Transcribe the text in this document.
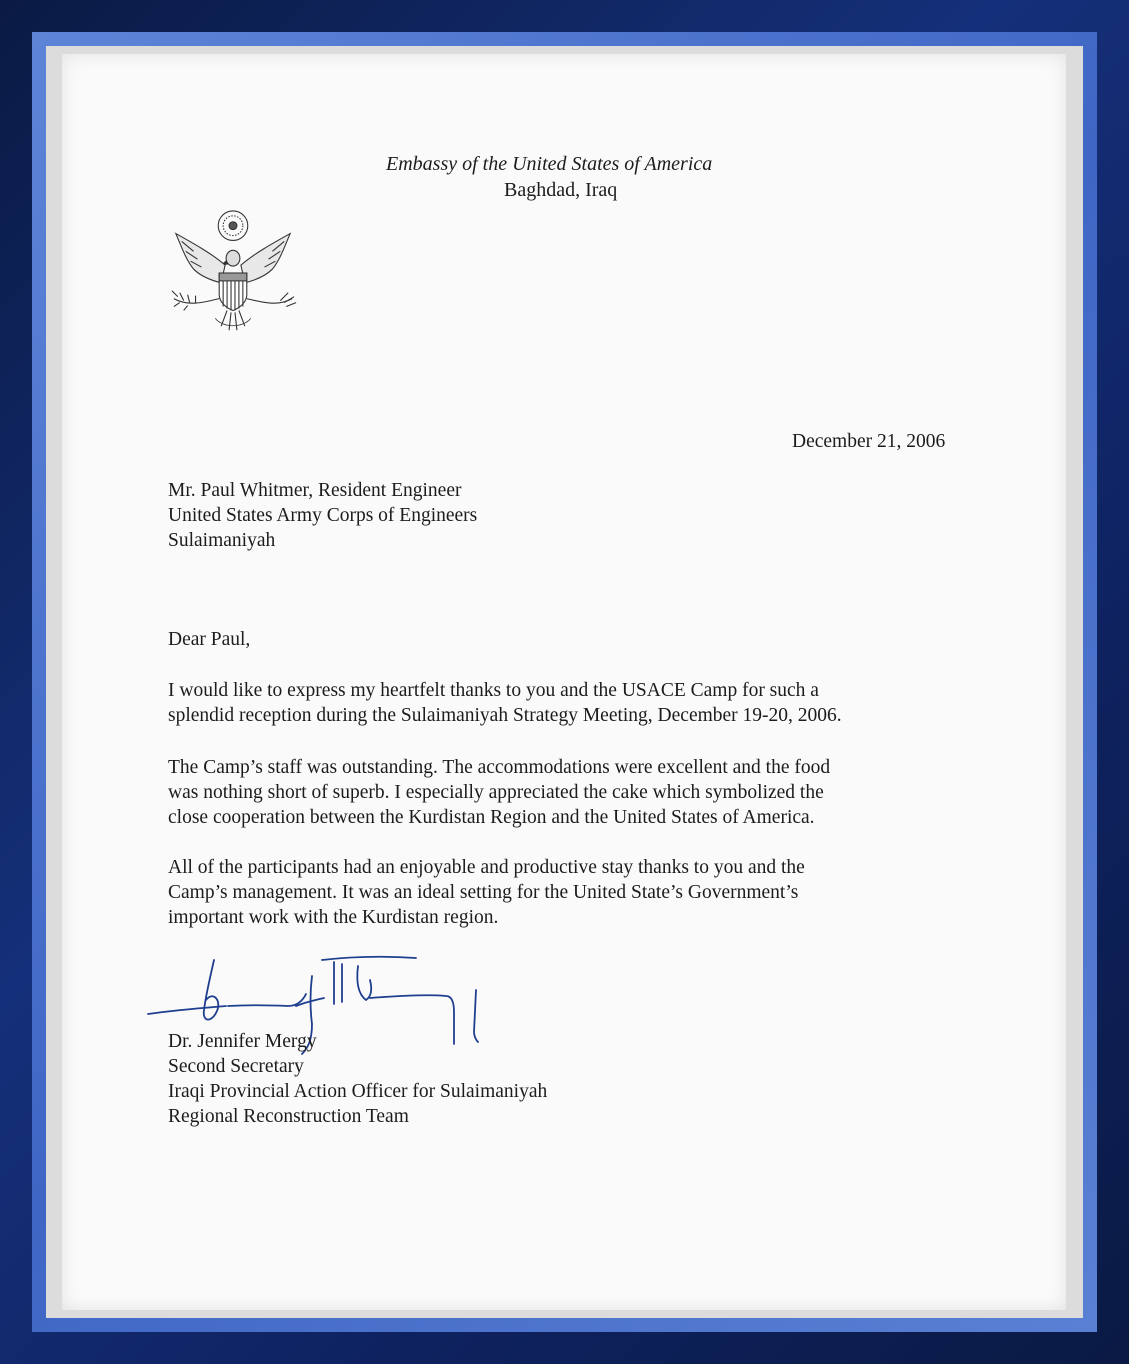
Embassy of the United States of America

Baghdad, Iraq

December 21, 2006

Mr. Paul Whitmer, Resident Engineer

United States Army Corps of Engineers

Sulaimaniyah

Dear Paul,

I would like to express my heartfelt thanks to you and the USACE Camp for such a

splendid reception during the Sulaimaniyah Strategy Meeting, December 19-20, 2006.

The Camp’s staff was outstanding. The accommodations were excellent and the food

was nothing short of superb. I especially appreciated the cake which symbolized the

close cooperation between the Kurdistan Region and the United States of America.

All of the participants had an enjoyable and productive stay thanks to you and the

Camp’s management. It was an ideal setting for the United State’s Government’s

important work with the Kurdistan region.

Dr. Jennifer Mergy

Second Secretary

Iraqi Provincial Action Officer for Sulaimaniyah

Regional Reconstruction Team
